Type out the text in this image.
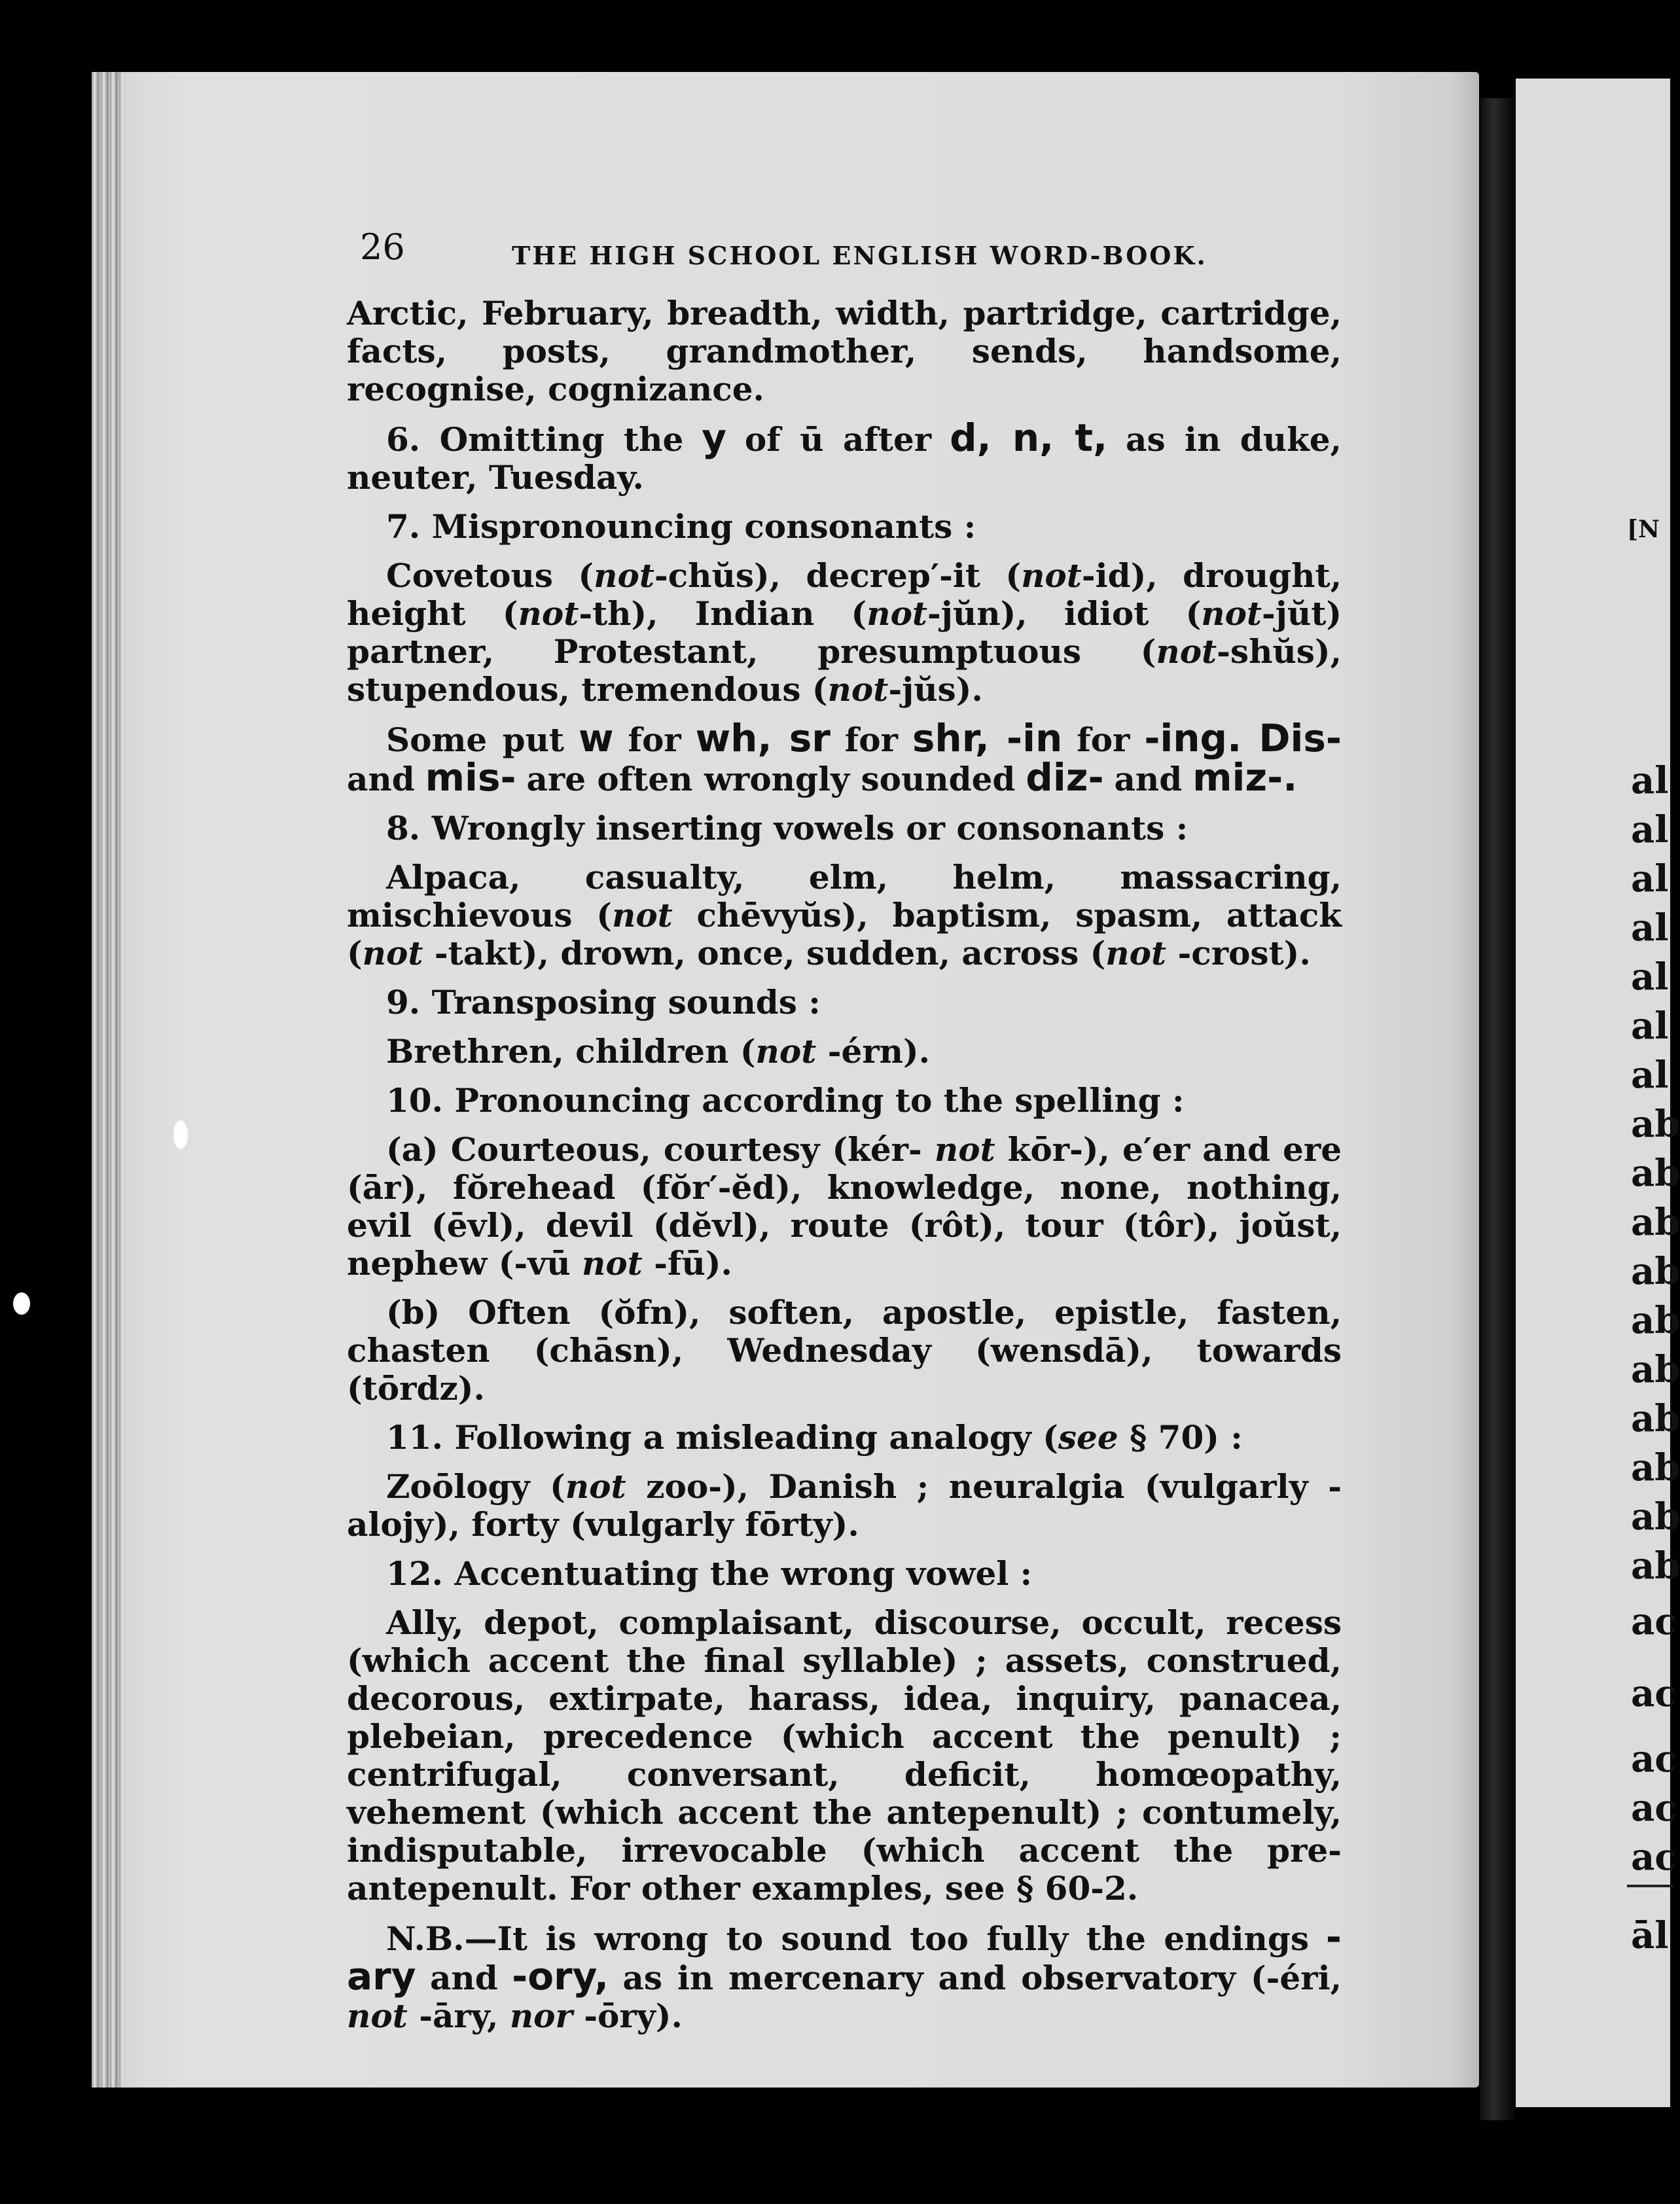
[N
al
al
al
al
al
al
al
ab
ab
ab
ab
ab
ab
ab
ab
ab
ab
ac
ac
ac
ac
ac
āl
26	THE HIGH SCHOOL ENGLISH WORD-BOOK.

Arctic, February, breadth, width, partridge, cartridge, facts, posts, grandmother, sends, handsome, recognise, cognizance.

6. Omitting the y of ū after d, n, t, as in duke, neuter, Tuesday.

7. Mispronouncing consonants :

Covetous (not-chŭs), decrep′-it (not-id), drought, height (not-th), Indian (not-jŭn), idiot (not-jŭt) partner, Protestant, presumptuous (not-shŭs), stupendous, tremendous (not-jŭs).

Some put w for wh, sr for shr, -in for -ing. Dis- and mis- are often wrongly sounded diz- and miz-.

8. Wrongly inserting vowels or consonants :

Alpaca, casualty, elm, helm, massacring, mischievous (not chēvyŭs), baptism, spasm, attack (not -takt), drown, once, sudden, across (not -crost).

9. Transposing sounds :

Brethren, children (not -érn).

10. Pronouncing according to the spelling :

(a) Courteous, courtesy (kér- not kōr-), e′er and ere (ār), fŏrehead (fŏr′-ĕd), knowledge, none, nothing, evil (ēvl), devil (dĕvl), route (rôt), tour (tôr), joŭst, nephew (-vū not -fū).

(b) Often (ŏfn), soften, apostle, epistle, fasten, chasten (chāsn), Wednesday (wensdā), towards (tōrdz).

11. Following a misleading analogy (see § 70) :

Zoōlogy (not zoo-), Danish ; neuralgia (vulgarly -alojy), forty (vulgarly fōrty).

12. Accentuating the wrong vowel :

Ally, depot, complaisant, discourse, occult, recess (which accent the final syllable) ; assets, construed, decorous, extirpate, harass, idea, inquiry, panacea, plebeian, precedence (which accent the penult) ; centrifugal, conversant, deficit, homœopathy, vehement (which accent the antepenult) ; contumely, indisputable, irrevocable (which accent the pre-antepenult. For other examples, see § 60-2.

N.B.—It is wrong to sound too fully the endings -ary and -ory, as in mercenary and observatory (-éri, not -āry, nor -ōry).
